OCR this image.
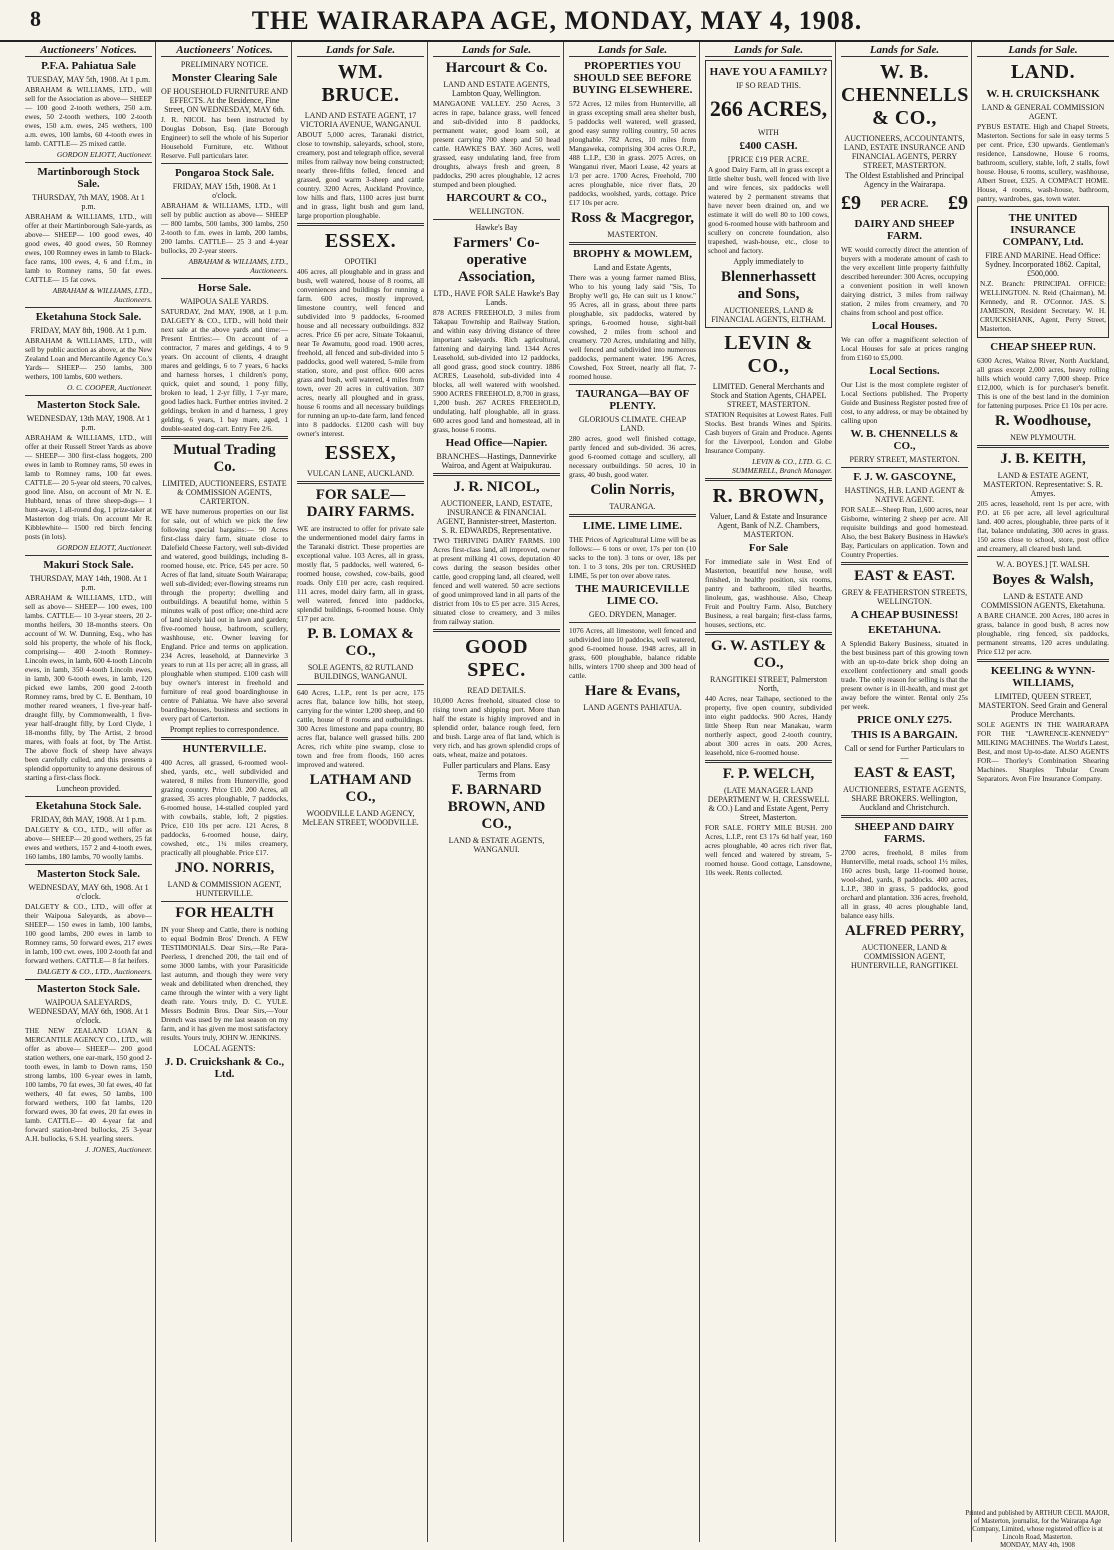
8	THE WAIRARAPA AGE, MONDAY, MAY 4, 1908.
Auctioneers' Notices.
P.F.A. Pahiatua Sale
TUESDAY, MAY 5th, 1908. At 1 p.m.
ABRAHAM & WILLIAMS, LTD., will sell for the Association as above— SHEEP— 100 good 2-tooth wethers, 250 a.m. ewes, 50 2-tooth wethers, 100 2-tooth ewes, 150 a.m. ewes, 245 wethers, 100 a.m. ewes, 100 lambs, 60 4-tooth ewes in lamb. CATTLE— 25 mixed cattle.
GORDON ELIOTT, Auctioneer.
Martinborough Stock Sale.
THURSDAY, 7th MAY, 1908. At 1 p.m.
ABRAHAM & WILLIAMS, LTD., will offer at their Martinborough Sale-yards, as above— SHEEP— 100 good ewes, 40 good ewes, 40 good ewes, 50 Romney ewes, 100 Romney ewes in lamb to Black-face rams, 100 ewes, 4, 6 and f.f.m., in lamb to Romney rams, 50 fat ewes. CATTLE— 15 fat cows.
ABRAHAM & WILLIAMS, LTD., Auctioneers.
Eketahuna Stock Sale.
FRIDAY, MAY 8th, 1908. At 1 p.m.
ABRAHAM & WILLIAMS, LTD., will sell by public auction as above, at the New Zealand Loan and Mercantile Agency Co.'s Yards— SHEEP— 250 lambs, 300 wethers, 100 lambs, 600 wethers.
O. C. COOPER, Auctioneer.
Masterton Stock Sale.
WEDNESDAY, 13th MAY, 1908. At 1 p.m.
ABRAHAM & WILLIAMS, LTD., will offer at their Russell Street Yards as above— SHEEP— 300 first-class hoggets, 200 ewes in lamb to Romney rams, 50 ewes in lamb to Romney rams, 100 fat ewes. CATTLE— 20 5-year old steers, 70 calves, good line. Also, on account of Mr N. E. Hubbard, tenas of three sheep-dogs— 1 hunt-away, 1 all-round dog, 1 prize-taker at Masterton dog trials. On account Mr R. Kibblewhite— 1500 red birch fencing posts (in lots).
GORDON ELIOTT, Auctioneer.
Makuri Stock Sale.
THURSDAY, MAY 14th, 1908. At 1 p.m.
ABRAHAM & WILLIAMS, LTD., will sell as above— SHEEP— 100 ewes, 100 lambs. CATTLE— 10 3-year steers, 20 2-months heifers, 30 18-months steers. On account of W. W. Dunning, Esq., who has sold his property, the whole of his flock, comprising— 400 2-tooth Romney-Lincoln ewes, in lamb, 600 4-tooth Lincoln ewes, in lamb, 350 4-tooth Lincoln ewes, in lamb, 300 6-tooth ewes, in lamb, 120 picked ewe lambs, 200 good 2-tooth Romney rams, bred by C. E. Bentham, 10 mother reared weaners, 1 five-year half-draught filly, by Commonwealth, 1 five-year half-draught filly, by Lord Clyde, 1 18-months filly, by The Artist, 2 brood mares, with foals at foot, by The Artist. The above flock of sheep have always been carefully culled, and this presents a splendid opportunity to anyone desirous of starting a first-class flock.
Luncheon provided.
Eketahuna Stock Sale.
FRIDAY, 8th MAY, 1908. At 1 p.m.
DALGETY & CO., LTD., will offer as above— SHEEP— 20 good wethers, 25 fat ewes and wethers, 157 2 and 4-tooth ewes, 160 lambs, 180 lambs, 70 woolly lambs.
Masterton Stock Sale.
WEDNESDAY, MAY 6th, 1908. At 1 o'clock.
DALGETY & CO., LTD., will offer at their Waipoua Saleyards, as above— SHEEP— 150 ewes in lamb, 100 lambs, 100 good lambs, 200 ewes in lamb to Romney rams, 50 forward ewes, 217 ewes in lamb, 100 cwt. ewes, 100 2-tooth fat and forward wethers. CATTLE— 8 fat heifers.
DALGETY & CO., LTD., Auctioneers.
Masterton Stock Sale.
WAIPOUA SALEYARDS, WEDNESDAY, MAY 6th, 1908. At 1 o'clock.
THE NEW ZEALAND LOAN & MERCANTILE AGENCY CO., LTD., will offer as above— SHEEP— 200 good station wethers, one ear-mark, 150 good 2-tooth ewes, in lamb to Down rams, 150 strong lambs, 100 6-year ewes in lamb, 100 lambs, 70 fat ewes, 30 fat ewes, 40 fat wethers, 40 fat ewes, 50 lambs, 100 forward wethers, 100 fat lambs, 120 forward ewes, 30 fat ewes, 20 fat ewes in lamb. CATTLE— 40 4-year fat and forward station-bred bullocks, 25 3-year A.H. bullocks, 6 S.H. yearling steers.
J. JONES, Auctioneer.
Auctioneers' Notices.
PRELIMINARY NOTICE.
Monster Clearing Sale
OF HOUSEHOLD FURNITURE AND EFFECTS. At the Residence, Fine Street, ON WEDNESDAY, MAY 6th.
J. R. NICOL has been instructed by Douglas Dobson, Esq. (late Borough Engineer) to sell the whole of his Superior Household Furniture, etc. Without Reserve. Full particulars later.
Pongaroa Stock Sale.
FRIDAY, MAY 15th, 1908. At 1 o'clock.
ABRAHAM & WILLIAMS, LTD., will sell by public auction as above— SHEEP— 800 lambs, 500 lambs, 300 lambs, 250 2-tooth to f.m. ewes in lamb, 200 lambs, 200 lambs. CATTLE— 25 3 and 4-year bullocks, 20 2-year steers.
ABRAHAM & WILLIAMS, LTD., Auctioneers.
Horse Sale.
WAIPOUA SALE YARDS.
SATURDAY, 2nd MAY, 1908, at 1 p.m. DALGETY & CO., LTD., will hold their next sale at the above yards and time:— Present Entries:— On account of a contractor, 7 mares and geldings, 4 to 9 years. On account of clients, 4 draught mares and geldings, 6 to 7 years, 6 hacks and harness horses, 1 children's pony, quick, quiet and sound, 1 pony filly, broken to lead, 1 2-yr filly, 1 7-yr mare, good ladies hack. Further entries invited. 2 geldings, broken in and d harness, 1 grey gelding, 6 years, 1 bay mare, aged, 1 double-seated dog-cart. Entry Fee 2/6.
Mutual Trading Co.
LIMITED, AUCTIONEERS, ESTATE & COMMISSION AGENTS, CARTERTON.
WE have numerous properties on our list for sale, out of which we pick the few following special bargains:— 90 Acres first-class dairy farm, situate close to Dalefield Cheese Factory, well sub-divided and watered, good buildings, including 8-roomed house, etc. Price, £45 per acre. 50 Acres of flat land, situate South Wairarapa; well sub-divided; ever-flowing streams run through the property; dwelling and outbuildings. A beautiful home, within 5 minutes walk of post office; one-third acre of land nicely laid out in lawn and garden; five-roomed house, bathroom, scullery, washhouse, etc. Owner leaving for England. Price and terms on application. 234 Acres, leasehold, at Dannevirke 3 years to run at 11s per acre; all in grass, all ploughable when stumped. £100 cash will buy owner's interest in freehold and furniture of real good boardinghouse in centre of Pahiatua. We have also several boarding-houses, business and sections in every part of Carterton.
Prompt replies to correspondence.
HUNTERVILLE.
400 Acres, all grassed, 6-roomed wool-shed, yards, etc., well subdivided and watered, 8 miles from Hunterville, good grazing country. Price £10. 200 Acres, all grassed, 35 acres ploughable, 7 paddocks, 6-roomed house, 14-stalled coupled yard with cowbails, stable, loft, 2 pigsties. Price, £10 10s per acre. 121 Acres, 8 paddocks, 6-roomed house, dairy, cowshed, etc., 1¼ miles creamery, practically all ploughable. Price £17.
JNO. NORRIS,
LAND & COMMISSION AGENT, HUNTERVILLE.
FOR HEALTH
IN your Sheep and Cattle, there is nothing to equal Bodmin Bros' Drench. A FEW TESTIMONIALS. Dear Sirs,—Re Para-Peerless, I drenched 200, the tail end of some 3000 lambs, with your Parasiticide last autumn, and though they were very weak and debilitated when drenched, they came through the winter with a very light death rate. Yours truly, D. C. YULE. Messrs Bodmin Bros. Dear Sirs,—Your Drench was used by me last season on my farm, and it has given me most satisfactory results. Yours truly, JOHN W. JENKINS.
LOCAL AGENTS:
J. D. Cruickshank & Co., Ltd.
Lands for Sale.
WM. BRUCE.
LAND AND ESTATE AGENT, 17 VICTORIA AVENUE, WANGANUI.
ABOUT 5,000 acres, Taranaki district, close to township, saleyards, school, store, creamery, post and telegraph office, several miles from railway now being constructed; nearly three-fifths felled, fenced and grassed, good warm 3-sheep and cattle country. 3200 Acres, Auckland Province, low hills and flats, 1100 acres just burnt and in grass, light bush and gum land, large proportion ploughable.
ESSEX.
OPOTIKI
406 acres, all ploughable and in grass and bush, well watered, house of 8 rooms, all conveniences and buildings for running a farm. 600 acres, mostly improved, limestone country, well fenced and subdivided into 9 paddocks, 6-roomed house and all necessary outbuildings. 832 acres. Price £6 per acre, Situate Tokaanui, near Te Awamutu, good road. 1900 acres, freehold, all fenced and sub-divided into 5 paddocks, good well watered, 5-mile from station, store, and post office. 600 acres grass and bush, well watered, 4 miles from town, over 20 acres in cultivation. 307 acres, nearly all ploughed and in grass, house 6 rooms and all necessary buildings for running an up-to-date farm, land fenced into 8 paddocks. £1200 cash will buy owner's interest.
ESSEX,
VULCAN LANE, AUCKLAND.
FOR SALE—DAIRY FARMS.
WE are instructed to offer for private sale the undermentioned model dairy farms in the Taranaki district. These properties are exceptional value. 103 Acres, all in grass, mostly flat, 5 paddocks, well watered, 6-roomed house, cowshed, cow-bails, good roads. Only £10 per acre, cash required. 111 acres, model dairy farm, all in grass, well watered, fenced into paddocks, splendid buildings, 6-roomed house. Only £17 per acre.
P. B. LOMAX & CO.,
SOLE AGENTS, 82 RUTLAND BUILDINGS, WANGANUI.
640 Acres, L.I.P., rent 1s per acre, 175 acres flat, balance low hills, hot steep, carrying for the winter 1,200 sheep, and 60 cattle, house of 8 rooms and outbuildings. 300 Acres limestone and papa country, 80 acres flat, balance well grassed hills. 200 Acres, rich white pine swamp, close to town and free from floods, 160 acres improved and watered.
LATHAM AND CO.,
WOODVILLE LAND AGENCY, McLEAN STREET, WOODVILLE.
Lands for Sale.
Harcourt & Co.
LAND AND ESTATE AGENTS, Lambton Quay, Wellington.
MANGAONE VALLEY. 250 Acres, 3 acres in rape, balance grass, well fenced and sub-divided into 8 paddocks, permanent water, good loam soil, at present carrying 700 sheep and 50 head cattle. HAWKE'S BAY. 360 Acres, well grassed, easy undulating land, free from droughts, always fresh and green, 8 paddocks, 290 acres ploughable, 12 acres stumped and been ploughed.
HARCOURT & CO.,
WELLINGTON.
Hawke's Bay
Farmers' Co-operative Association,
LTD., HAVE FOR SALE Hawke's Bay Lands.
878 ACRES FREEHOLD, 3 miles from Takapau Township and Railway Station, and within easy driving distance of three important saleyards. Rich agricultural, fattening and dairying land. 1344 Acres Leasehold, sub-divided into 12 paddocks, all good grass, good stock country. 1886 ACRES, Leasehold, sub-divided into 4 blocks, all well watered with woolshed. 5900 ACRES FREEHOLD, 8,700 in grass, 1,200 bush. 267 ACRES FREEHOLD, undulating, half ploughable, all in grass. 600 acres good land and homestead, all in grass, house 6 rooms.
Head Office—Napier.
BRANCHES—Hastings, Dannevirke Wairoa, and Agent at Waipukurau.
J. R. NICOL,
AUCTIONEER, LAND, ESTATE, INSURANCE & FINANCIAL AGENT, Bannister-street, Masterton. S. R. EDWARDS, Representative.
TWO THRIVING DAIRY FARMS. 100 Acres first-class land, all improved, owner at present milking 41 cows, deputation 40 cows during the season besides other cattle, good cropping land, all cleared, well fenced and well watered. 50 acre sections of good unimproved land in all parts of the district from 10s to £5 per acre. 315 Acres, situated close to creamery, and 3 miles from railway station.
GOOD SPEC.
READ DETAILS.
10,000 Acres freehold, situated close to rising town and shipping port. More than half the estate is highly improved and in splendid order, balance rough feed, fern and bush. Large area of flat land, which is very rich, and has grown splendid crops of oats, wheat, maize and potatoes.
Fuller particulars and Plans. Easy Terms from
F. BARNARD BROWN, AND CO.,
LAND & ESTATE AGENTS, WANGANUI.
Lands for Sale.
PROPERTIES YOU SHOULD SEE BEFORE BUYING ELSEWHERE.
572 Acres, 12 miles from Hunterville, all in grass excepting small area shelter bush, 5 paddocks well watered, well grassed, good easy sunny rolling country, 50 acres ploughable. 782 Acres, 10 miles from Mangaweka, comprising 304 acres O.R.P., 488 L.I.P., £30 in grass. 2075 Acres, on Wanganui river, Maori Lease, 42 years at 1/3 per acre. 1700 Acres, Freehold, 700 acres ploughable, nice river flats, 20 paddocks, woolshed, yards, cottage. Price £17 10s per acre.
Ross & Macgregor,
MASTERTON.
BROPHY & MOWLEM,
Land and Estate Agents,
There was a young farmer named Bliss, Who to his young lady said "Sis, To Brophy we'll go, He can suit us I know." 95 Acres, all in grass, about three parts ploughable, six paddocks, watered by springs, 6-roomed house, sight-bail cowshed, 2 miles from school and creamery. 720 Acres, undulating and hilly, well fenced and subdivided into numerous paddocks, permanent water. 196 Acres, Cowshed, Fox Street, nearly all flat, 7-roomed house.
TAURANGA—BAY OF PLENTY.
GLORIOUS CLIMATE. CHEAP LAND.
280 acres, good well finished cottage, partly fenced and sub-divided. 36 acres, good 6-roomed cottage and scullery, all necessary outbuildings. 50 acres, 10 in grass, 40 bush, good water.
Colin Norris,
TAURANGA.
LIME. LIME LIME.
THE Prices of Agricultural Lime will be as follows:— 6 tons or over, 17s per ton (10 sacks to the ton). 3 tons or over, 18s per ton. 1 to 3 tons, 20s per ton. CRUSHED LIME, 5s per ton over above rates.
THE MAURICEVILLE LIME CO.
GEO. DRYDEN, Manager.
1076 Acres, all limestone, well fenced and subdivided into 10 paddocks, well watered, good 6-roomed house. 1948 acres, all in grass, 600 ploughable, balance ridable hills, winters 1700 sheep and 300 head of cattle.
Hare & Evans,
LAND AGENTS PAHIATUA.
Lands for Sale.
HAVE YOU A FAMILY?
IF SO READ THIS.
266 ACRES,
WITH
£400 CASH.
[PRICE £19 PER ACRE.
A good Dairy Farm, all in grass except a little shelter bush, well fenced with live and wire fences, six paddocks well watered by 2 permanent streams that have never been drained on, and we estimate it will do well 80 to 100 cows, good 6-roomed house with bathroom and scullery on concrete foundation, also trapeshed, wash-house, etc., close to school and factory.
Apply immediately to
Blennerhassett and Sons,
AUCTIONEERS, LAND & FINANCIAL AGENTS, ELTHAM.
LEVIN & CO.,
LIMITED. General Merchants and Stock and Station Agents, CHAPEL STREET, MASTERTON.
STATION Requisites at Lowest Rates. Full Stocks. Best brands Wines and Spirits. Cash buyers of Grain and Produce. Agents for the Liverpool, London and Globe Insurance Company.
LEVIN & CO., LTD. G. C. SUMMERELL, Branch Manager.
R. BROWN,
Valuer, Land & Estate and Insurance Agent, Bank of N.Z. Chambers, MASTERTON.
For Sale
For immediate sale in West End of Masterton, beautiful new house, well finished, in healthy position, six rooms, pantry and bathroom, tiled hearths, linoleum, gas, washhouse. Also, Cheap Fruit and Poultry Farm. Also, Butchery Business, a real bargain; first-class farms, houses, sections, etc.
G. W. ASTLEY & CO.,
RANGITIKEI STREET, Palmerston North,
440 Acres, near Taihape, sectioned to the property, five open country, subdivided into eight paddocks. 900 Acres, Handy little Sheep Run near Manakau, warm northerly aspect, good 2-tooth country, about 300 acres in oats. 200 Acres, leasehold, nice 6-roomed house.
F. P. WELCH,
(LATE MANAGER LAND DEPARTMENT W. H. CRESSWELL & CO.) Land and Estate Agent, Perry Street, Masterton.
FOR SALE. FORTY MILE BUSH. 200 Acres, L.I.P., rent £3 17s 6d half year, 160 acres ploughable, 40 acres rich river flat, well fenced and watered by stream, 5-roomed house. Good cottage, Lansdowne, 10s week. Rents collected.
Lands for Sale.
W. B. CHENNELLS & CO.,
AUCTIONEERS, ACCOUNTANTS, LAND, ESTATE INSURANCE AND FINANCIAL AGENTS, PERRY STREET, MASTERTON.
The Oldest Established and Principal Agency in the Wairarapa.
£9 PER ACRE. £9
DAIRY AND SHEEP FARM.
WE would correctly direct the attention of buyers with a moderate amount of cash to the very excellent little property faithfully described hereunder: 300 Acres, occupying a convenient position in well known dairying district, 3 miles from railway station, 2 miles from creamery, and 70 chains from school and post office.
Local Houses.
We can offer a magnificent selection of Local Houses for sale at prices ranging from £160 to £5,000.
Local Sections.
Our List is the most complete register of Local Sections published. The Property Guide and Business Register posted free of cost, to any address, or may be obtained by calling upon
W. B. CHENNELLS & CO.,
PERRY STREET, MASTERTON.
F. J. W. GASCOYNE,
HASTINGS, H.B. LAND AGENT & NATIVE AGENT.
FOR SALE—Sheep Run, 1,600 acres, near Gisborne, wintering 2 sheep per acre. All requisite buildings and good homestead. Also, the best Bakery Business in Hawke's Bay, Particulars on application. Town and Country Properties.
EAST & EAST.
GREY & FEATHERSTON STREETS, WELLINGTON.
A CHEAP BUSINESS!
EKETAHUNA.
A Splendid Bakery Business, situated in the best business part of this growing town with an up-to-date brick shop doing an excellent confectionery and small goods trade. The only reason for selling is that the present owner is in ill-health, and must get away before the winter. Rental only 25s per week.
PRICE ONLY £275.
THIS IS A BARGAIN.
Call or send for Further Particulars to—
EAST & EAST,
AUCTIONEERS, ESTATE AGENTS, SHARE BROKERS. Wellington, Auckland and Christchurch.
SHEEP AND DAIRY FARMS.
2700 acres, freehold, 8 miles from Hunterville, metal roads, school 1½ miles, 160 acres bush, large 11-roomed house, wool-shed, yards, 8 paddocks. 400 acres, L.I.P., 380 in grass, 5 paddocks, good orchard and plantation. 336 acres, freehold, all in grass, 40 acres ploughable land, balance easy hills.
ALFRED PERRY,
AUCTIONEER, LAND & COMMISSION AGENT, HUNTERVILLE, RANGITIKEI.
Lands for Sale.
LAND.
W. H. CRUICKSHANK
LAND & GENERAL COMMISSION AGENT.
PYBUS ESTATE. High and Chapel Streets, Masterton. Sections for sale in easy terms 5 per cent. Price, £30 upwards. Gentleman's residence, Lansdowne, House 6 rooms, bathroom, scullery, stable, loft, 2 stalls, fowl house. House, 6 rooms, scullery, washhouse, Albert Street, £325. A COMPACT HOME. House, 4 rooms, wash-house, bathroom, pantry, wardrobes, gas, town water.
THE UNITED INSURANCE COMPANY, Ltd.
FIRE AND MARINE. Head Office: Sydney. Incorporated 1862. Capital, £500,000.
N.Z. Branch: PRINCIPAL OFFICE: WELLINGTON. N. Reid (Chairman), M. Kennedy, and R. O'Connor. JAS. S. JAMESON, Resident Secretary. W. H. CRUICKSHANK, Agent, Perry Street, Masterton.
CHEAP SHEEP RUN.
6300 Acres, Waitoa River, North Auckland, all grass except 2,000 acres, heavy rolling hills which would carry 7,000 sheep. Price £12,000, which is for purchaser's benefit. This is one of the best land in the dominion for fattening purposes. Price £1 10s per acre.
R. Woodhouse,
NEW PLYMOUTH.
J. B. KEITH,
LAND & ESTATE AGENT, MASTERTON. Representative: S. R. Amyes.
205 acres, leasehold, rent 1s per acre, with P.O. at £6 per acre, all level agricultural land. 400 acres, ploughable, three parts of it flat, balance undulating, 300 acres in grass. 150 acres close to school, store, post office and creamery, all cleared bush land.
W. A. BOYES.] [T. WALSH.
Boyes & Walsh,
LAND & ESTATE AND COMMISSION AGENTS, Eketahuna.
A BARE CHANCE. 200 Acres, 180 acres in grass, balance in good bush, 8 acres now ploughable, ring fenced, six paddocks, permanent streams, 120 acres undulating. Price £12 per acre.
KEELING & WYNN-WILLIAMS,
LIMITED, QUEEN STREET, MASTERTON. Seed Grain and General Produce Merchants.
SOLE AGENTS IN THE WAIRARAPA FOR THE "LAWRENCE-KENNEDY" MILKING MACHINES. The World's Latest, Best, and most Up-to-date. ALSO AGENTS FOR— Thorley's Combination Shearing Machines. Sharples Tubular Cream Separators. Avon Fire Insurance Company.
Printed and published by ARTHUR CECIL MAJOR, of Masterton, journalist, for the Wairarapa Age Company, Limited, whose registered office is at Lincoln Road, Masterton.
MONDAY, MAY 4th, 1908
